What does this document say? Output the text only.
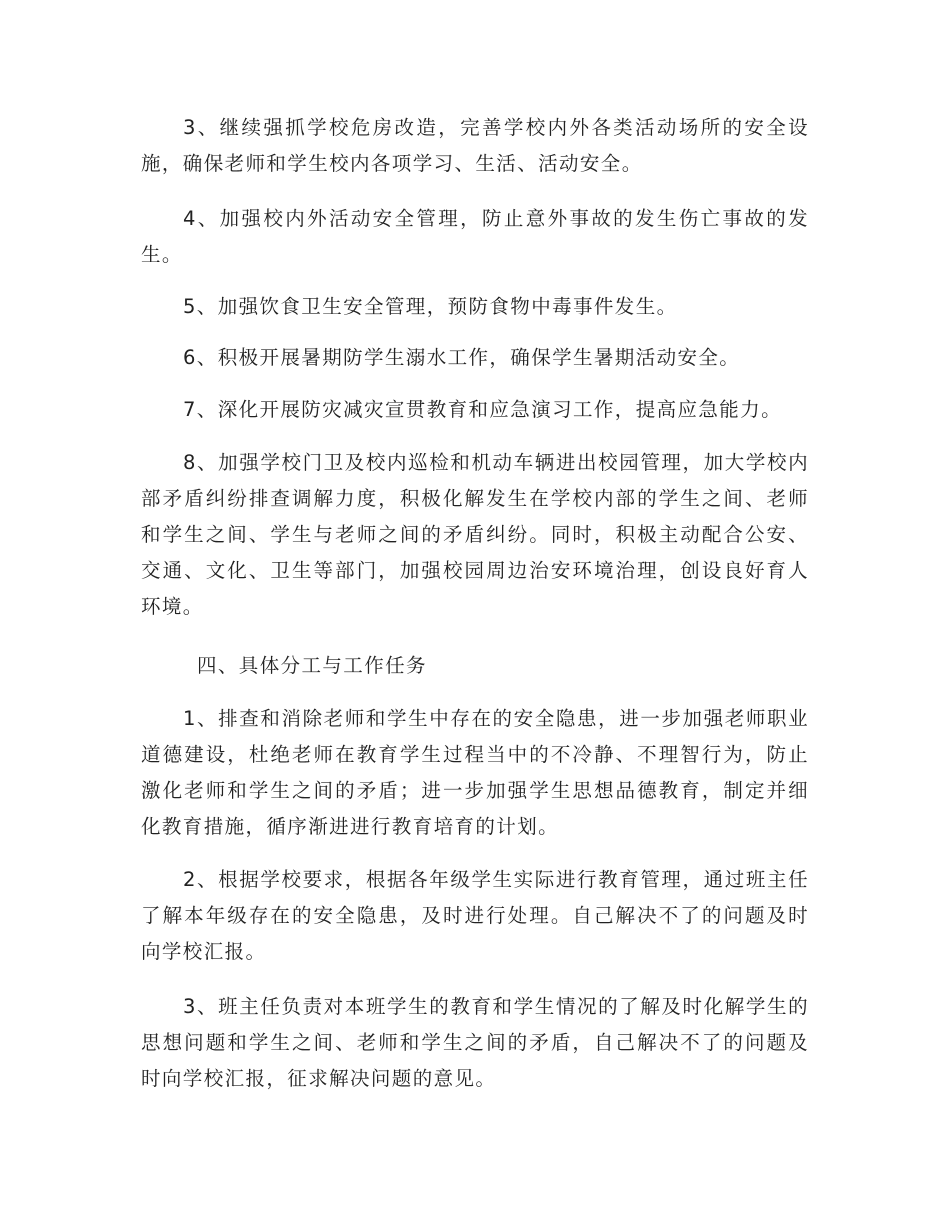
3、继续强抓学校危房改造，完善学校内外各类活动场所的安全设施，确保老师和学生校内各项学习、生活、活动安全。

4、加强校内外活动安全管理，防止意外事故的发生伤亡事故的发生。

5、加强饮食卫生安全管理，预防食物中毒事件发生。

6、积极开展暑期防学生溺水工作，确保学生暑期活动安全。

7、深化开展防灾减灾宣贯教育和应急演习工作，提高应急能力。

8、加强学校门卫及校内巡检和机动车辆进出校园管理，加大学校内部矛盾纠纷排查调解力度，积极化解发生在学校内部的学生之间、老师和学生之间、学生与老师之间的矛盾纠纷。同时，积极主动配合公安、交通、文化、卫生等部门，加强校园周边治安环境治理，创设良好育人环境。

四、具体分工与工作任务

1、排查和消除老师和学生中存在的安全隐患，进一步加强老师职业道德建设，杜绝老师在教育学生过程当中的不冷静、不理智行为，防止激化老师和学生之间的矛盾；进一步加强学生思想品德教育，制定并细化教育措施，循序渐进进行教育培育的计划。

2、根据学校要求，根据各年级学生实际进行教育管理，通过班主任了解本年级存在的安全隐患，及时进行处理。自己解决不了的问题及时向学校汇报。

3、班主任负责对本班学生的教育和学生情况的了解及时化解学生的思想问题和学生之间、老师和学生之间的矛盾，自己解决不了的问题及时向学校汇报，征求解决问题的意见。
